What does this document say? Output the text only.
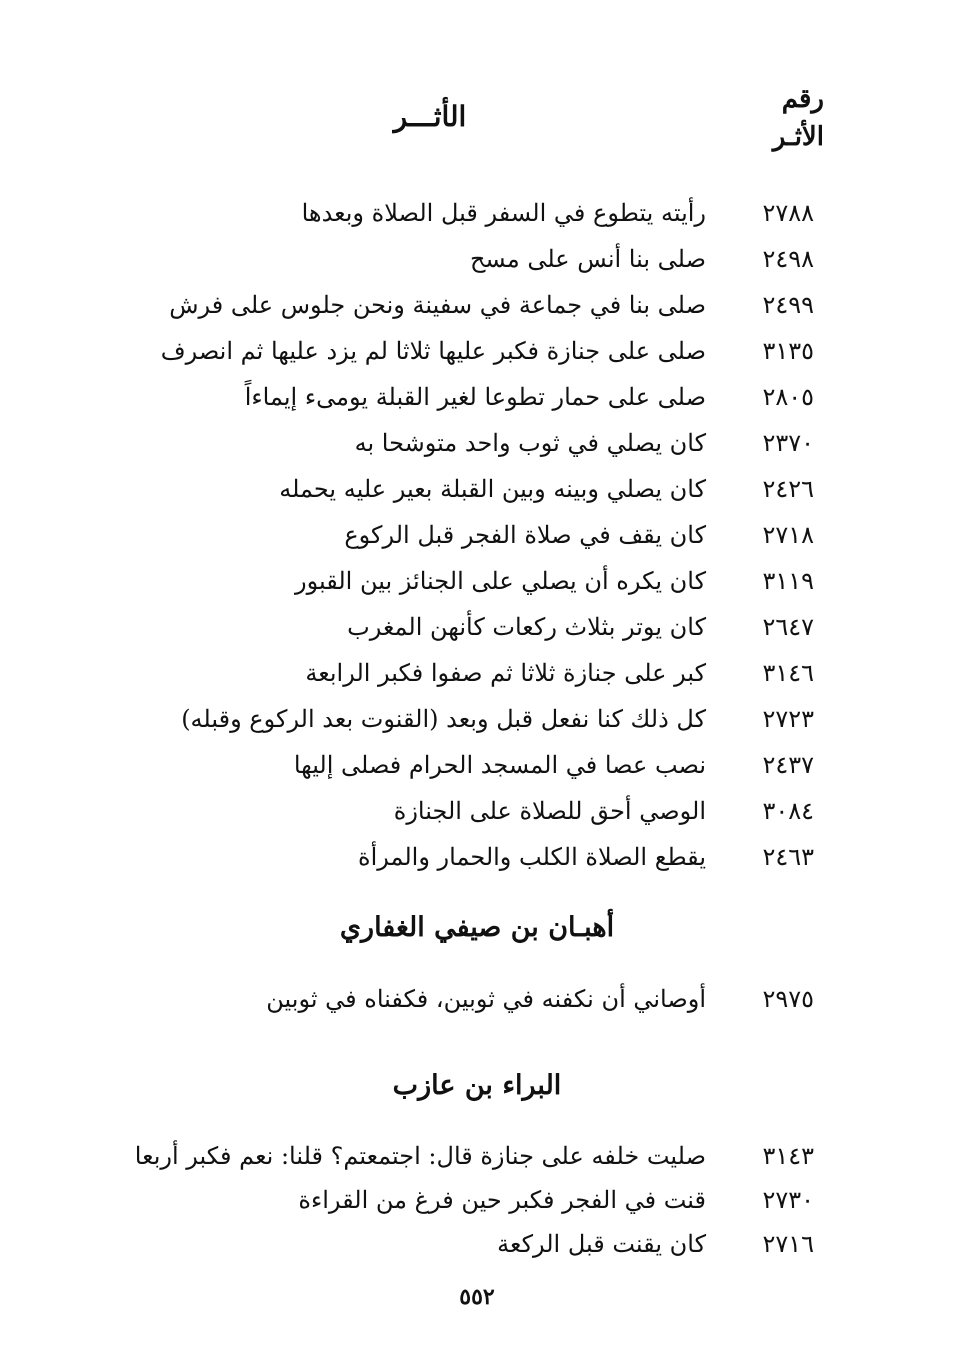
رقم
الأثـر
الأثـــر
٢٧٨٨
رأيته يتطوع في السفر قبل الصلاة وبعدها
٢٤٩٨
صلى بنا أنس على مسح
٢٤٩٩
صلى بنا في جماعة في سفينة ونحن جلوس على فرش
٣١٣٥
صلى على جنازة فكبر عليها ثلاثا لم يزد عليها ثم انصرف
٢٨٠٥
صلى على حمار تطوعا لغير القبلة يومىء إيماءاً
٢٣٧٠
كان يصلي في ثوب واحد متوشحا به
٢٤٢٦
كان يصلي وبينه وبين القبلة بعير عليه يحمله
٢٧١٨
كان يقف في صلاة الفجر قبل الركوع
٣١١٩
كان يكره أن يصلي على الجنائز بين القبور
٢٦٤٧
كان يوتر بثلاث ركعات كأنهن المغرب
٣١٤٦
كبر على جنازة ثلاثا ثم صفوا فكبر الرابعة
٢٧٢٣
كل ذلك كنا نفعل قبل وبعد (القنوت بعد الركوع وقبله)
٢٤٣٧
نصب عصا في المسجد الحرام فصلى إليها
٣٠٨٤
الوصي أحق للصلاة على الجنازة
٢٤٦٣
يقطع الصلاة الكلب والحمار والمرأة
أهبـان بن صيفي الغفاري
٢٩٧٥
أوصاني أن نكفنه في ثوبين، فكفناه في ثوبين
البراء بن عازب
٣١٤٣
صليت خلفه على جنازة قال: اجتمعتم؟ قلنا: نعم فكبر أربعا
٢٧٣٠
قنت في الفجر فكبر حين فرغ من القراءة
٢٧١٦
كان يقنت قبل الركعة
٥٥٢
